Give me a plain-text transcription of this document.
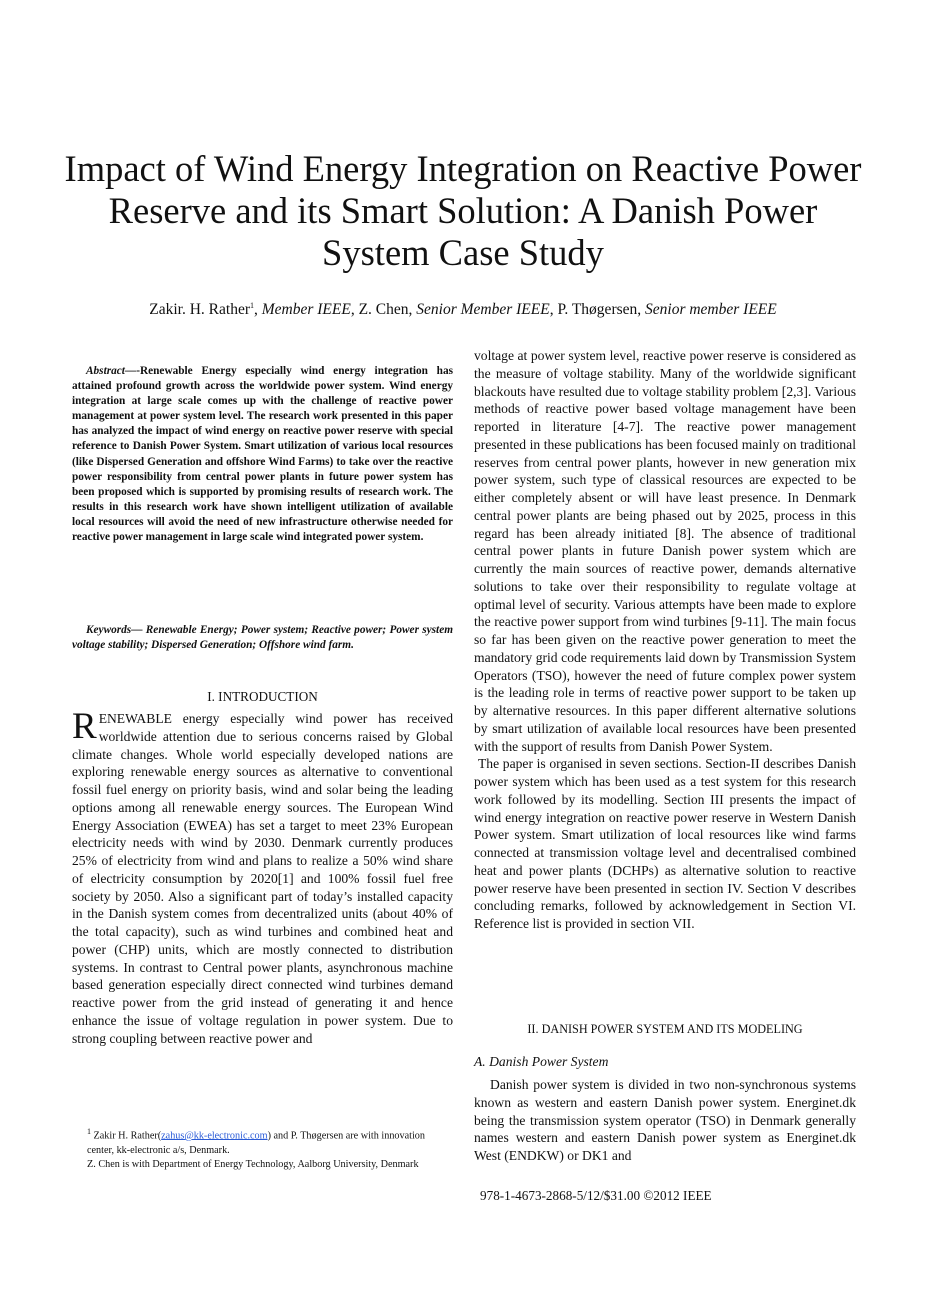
Impact of Wind Energy Integration on Reactive Power Reserve and its Smart Solution: A Danish Power System Case Study
Zakir. H. Rather$^1$, Member IEEE, Z. Chen, Senior Member IEEE, P. Thøgersen, Senior member IEEE
Abstract—-Renewable Energy especially wind energy integration has attained profound growth across the worldwide power system. Wind energy integration at large scale comes up with the challenge of reactive power management at power system level. The research work presented in this paper has analyzed the impact of wind energy on reactive power reserve with special reference to Danish Power System. Smart utilization of various local resources (like Dispersed Generation and offshore Wind Farms) to take over the reactive power responsibility from central power plants in future power system has been proposed which is supported by promising results of research work. The results in this research work have shown intelligent utilization of available local resources will avoid the need of new infrastructure otherwise needed for reactive power management in large scale wind integrated power system.
Keywords— Renewable Energy; Power system; Reactive power; Power system voltage stability; Dispersed Generation; Offshore wind farm.
I. INTRODUCTION

RENEWABLE energy especially wind power has received worldwide attention due to serious concerns raised by Global climate changes. Whole world especially developed nations are exploring renewable energy sources as alternative to conventional fossil fuel energy on priority basis, wind and solar being the leading options among all renewable energy sources. The European Wind Energy Association (EWEA) has set a target to meet 23% European electricity needs with wind by 2030. Denmark currently produces 25% of electricity from wind and plans to realize a 50% wind share of electricity consumption by 2020[1] and 100% fossil fuel free society by 2050. Also a significant part of today’s installed capacity in the Danish system comes from decentralized units (about 40% of the total capacity), such as wind turbines and combined heat and power (CHP) units, which are mostly connected to distribution systems. In contrast to Central power plants, asynchronous machine based generation especially direct connected wind turbines demand reactive power from the grid instead of generating it and hence enhance the issue of voltage regulation in power system. Due to strong coupling between reactive power and

voltage at power system level, reactive power reserve is considered as the measure of voltage stability. Many of the worldwide significant blackouts have resulted due to voltage stability problem [2,3]. Various methods of reactive power based voltage management have been reported in literature [4-7]. The reactive power management presented in these publications has been focused mainly on traditional reserves from central power plants, however in new generation mix power system, such type of classical resources are expected to be either completely absent or will have least presence. In Denmark central power plants are being phased out by 2025, process in this regard has been already initiated [8]. The absence of traditional central power plants in future Danish power system which are currently the main sources of reactive power, demands alternative solutions to take over their responsibility to regulate voltage at optimal level of security. Various attempts have been made to explore the reactive power support from wind turbines [9-11]. The main focus so far has been given on the reactive power generation to meet the mandatory grid code requirements laid down by Transmission System Operators (TSO), however the need of future complex power system is the leading role in terms of reactive power support to be taken up by alternative resources. In this paper different alternative solutions by smart utilization of available local resources have been presented with the support of results from Danish Power System.

The paper is organised in seven sections. Section-II describes Danish power system which has been used as a test system for this research work followed by its modelling. Section III presents the impact of wind energy integration on reactive power reserve in Western Danish Power system. Smart utilization of local resources like wind farms connected at transmission voltage level and decentralised combined heat and power plants (DCHPs) as alternative solution to reactive power reserve have been presented in section IV. Section V describes concluding remarks, followed by acknowledgement in Section VI. Reference list is provided in section VII.

II. DANISH POWER SYSTEM AND ITS MODELING
A. Danish Power System

Danish power system is divided in two non-synchronous systems known as western and eastern Danish power system. Energinet.dk being the transmission system operator (TSO) in Denmark generally names western and eastern Danish power system as Energinet.dk West (ENDKW) or DK1 and

$^1$ Zakir H. Rather(zahus@kk-electronic.com) and P. Thøgersen are with innovation center, kk-electronic a/s, Denmark.
Z. Chen is with Department of Energy Technology, Aalborg University, Denmark
978-1-4673-2868-5/12/$31.00 ©2012 IEEE
